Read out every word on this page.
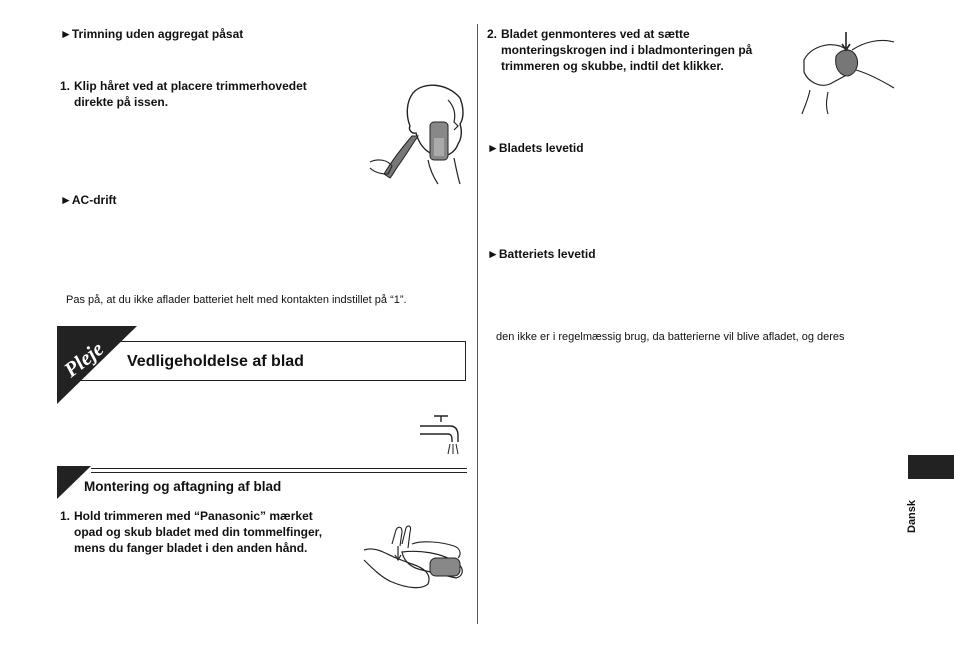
►Trimning uden aggregat påsat
1. Klip håret ved at placere trimmerhovedet
direkte på issen.
►AC-drift
Pas på, at du ikke aflader batteriet helt med kontakten indstillet på “1”.
Pleje Vedligeholdelse af blad
Montering og aftagning af blad
1. Hold trimmeren med “Panasonic” mærket
opad og skub bladet med din tommelfinger,
mens du fanger bladet i den anden hånd.
2. Bladet genmonteres ved at sætte
monteringskrogen ind i bladmonteringen på
trimmeren og skubbe, indtil det klikker.
►Bladets levetid
►Batteriets levetid
den ikke er i regelmæssig brug, da batterierne vil blive afladet, og deres
Dansk
